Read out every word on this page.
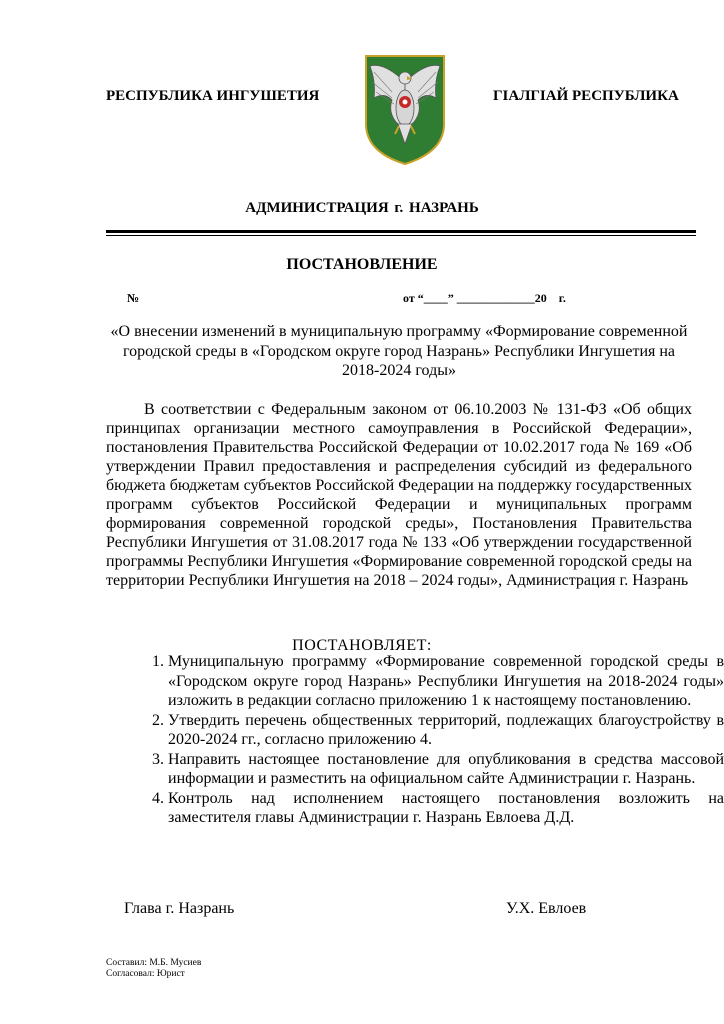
РЕСПУБЛИКА ИНГУШЕТИЯ	ГIАЛГIАЙ РЕСПУБЛИКА
АДМИНИСТРАЦИЯ г. НАЗРАНЬ
ПОСТАНОВЛЕНИЕ
№	от “____” _____________20    г.
«О внесении изменений в муниципальную программу «Формирование современной городской среды в «Городском округе город Назрань» Республики Ингушетия на 2018-2024 годы»
В соответствии с Федеральным законом от 06.10.2003 № 131-ФЗ «Об общих принципах организации местного самоуправления в Российской Федерации», постановления Правительства Российской Федерации от 10.02.2017 года № 169 «Об утверждении Правил предоставления и распределения субсидий из федерального бюджета бюджетам субъектов Российской Федерации на поддержку государственных программ субъектов Российской Федерации и муниципальных программ формирования современной городской среды», Постановления Правительства Республики Ингушетия от 31.08.2017 года № 133 «Об утверждении государственной программы Республики Ингушетия «Формирование современной городской среды на территории Республики Ингушетия на 2018 – 2024 годы», Администрация г. Назрань
ПОСТАНОВЛЯЕТ:
1. Муниципальную программу «Формирование современной городской среды в «Городском округе город Назрань» Республики Ингушетия на 2018-2024 годы» изложить в редакции согласно приложению 1 к настоящему постановлению.
2. Утвердить перечень общественных территорий, подлежащих благоустройству в 2020-2024 гг., согласно приложению 4.
3. Направить настоящее постановление для опубликования в средства массовой информации и разместить на официальном сайте Администрации г. Назрань.
4. Контроль над исполнением настоящего постановления возложить на заместителя главы Администрации г. Назрань Евлоева Д.Д.
Глава г. Назрань	У.Х. Евлоев
Составил: М.Б. Мусиев
Согласовал: Юрист
